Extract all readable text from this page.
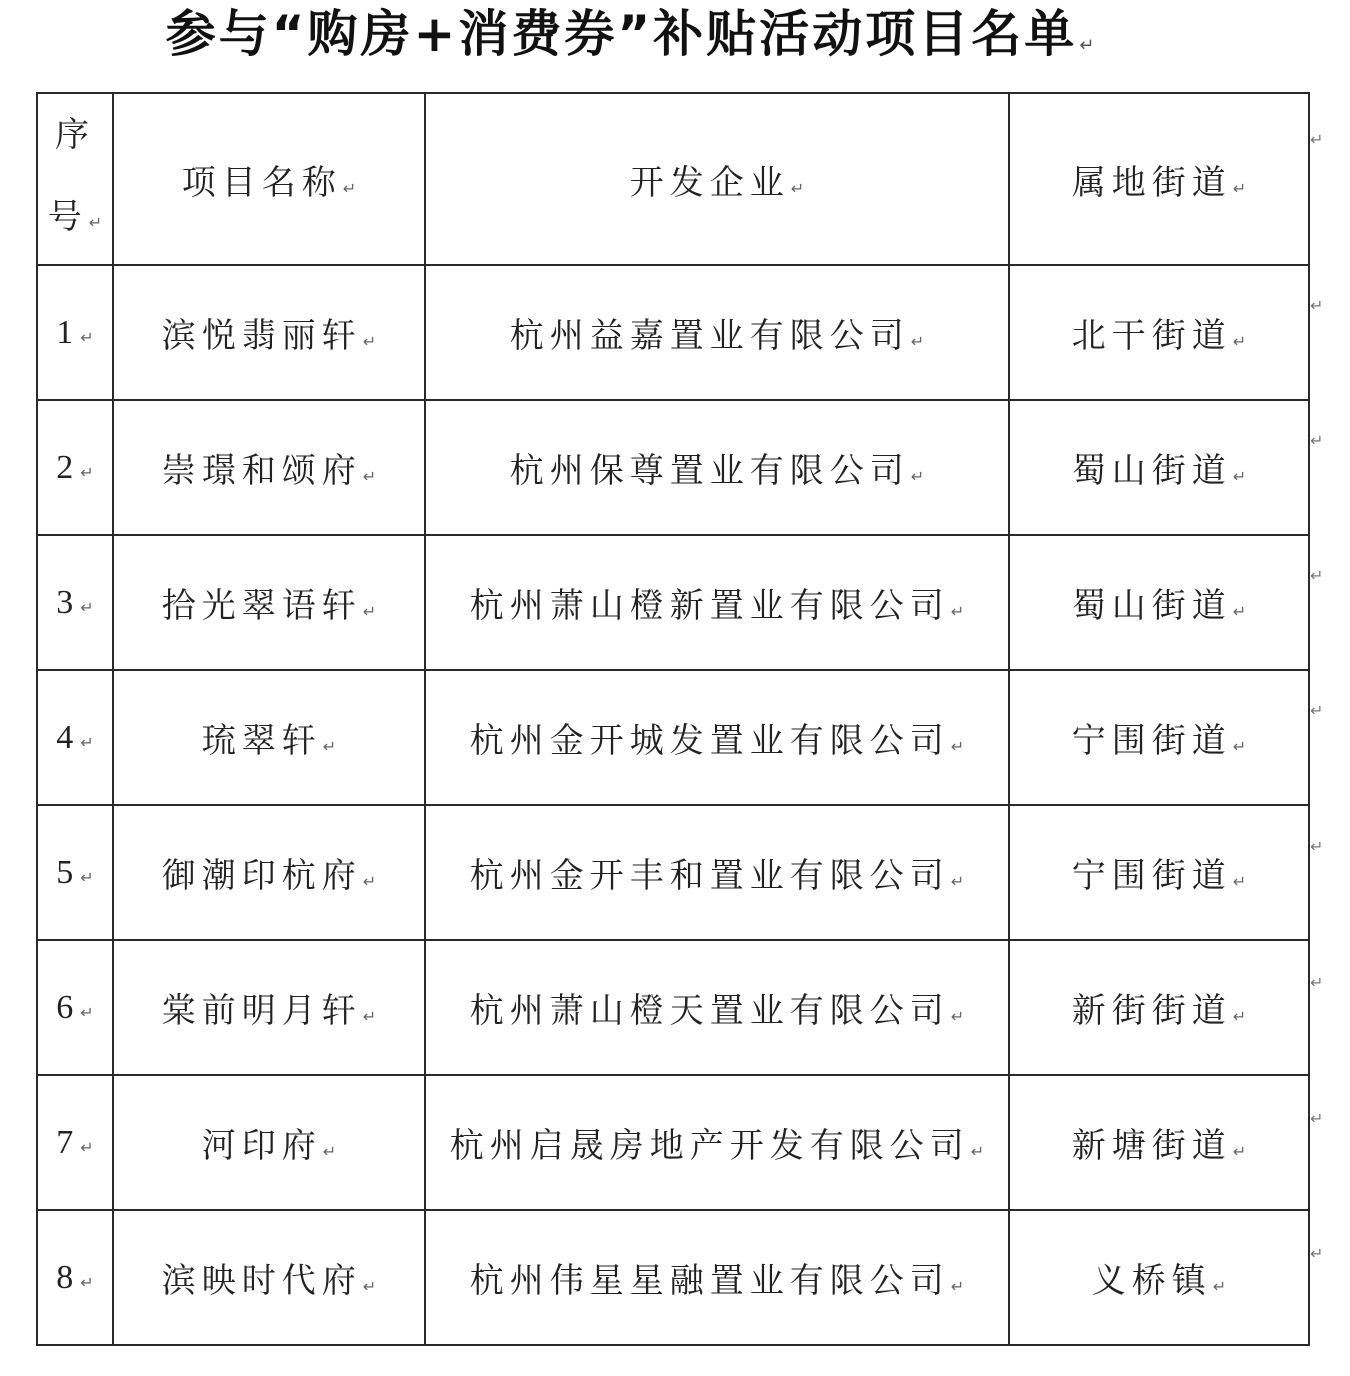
参与“购房+消费券”补贴活动项目名单 ↵
序
号↵	项目名称↵	开发企业↵	属地街道↵
1↵	滨悦翡丽轩↵	杭州益嘉置业有限公司↵	北干街道↵
2↵	崇璟和颂府↵	杭州保尊置业有限公司↵	蜀山街道↵
3↵	拾光翠语轩↵	杭州萧山橙新置业有限公司↵	蜀山街道↵
4↵	琉翠轩↵	杭州金开城发置业有限公司↵	宁围街道↵
5↵	御潮印杭府↵	杭州金开丰和置业有限公司↵	宁围街道↵
6↵	棠前明月轩↵	杭州萧山橙天置业有限公司↵	新街街道↵
7↵	河印府↵	杭州启晟房地产开发有限公司↵	新塘街道↵
8↵	滨映时代府↵	杭州伟星星融置业有限公司↵	义桥镇↵
↵
↵
↵
↵
↵
↵
↵
↵
↵
